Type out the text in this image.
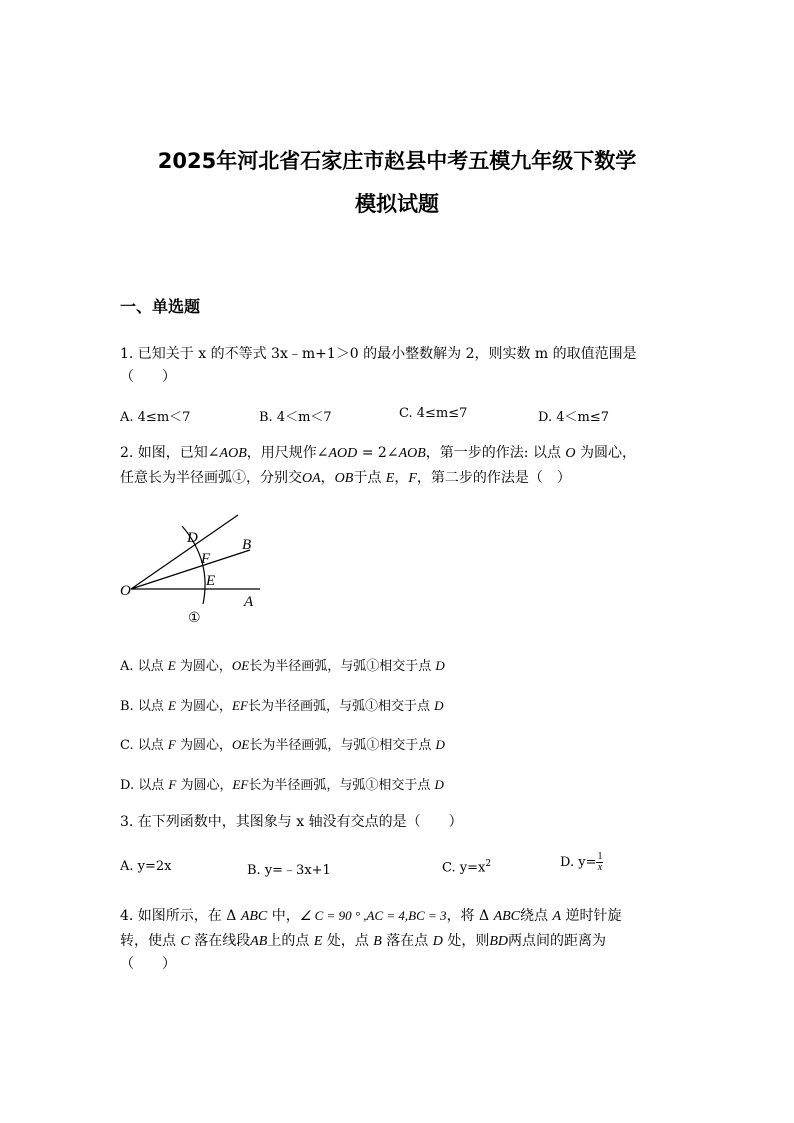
2025年河北省石家庄市赵县中考五模九年级下数学
模拟试题
一、单选题
1. 已知关于 x 的不等式 3x﹣m+1＞0 的最小整数解为 2，则实数 m 的取值范围是
（　　）
A. 4≤m＜7	B. 4＜m＜7	C. 4≤m≤7	D. 4＜m≤7
2. 如图，已知∠AOB，用尺规作∠AOD = 2∠AOB，第一步的作法: 以点 O 为圆心，
任意长为半径画弧①，分别交OA，OB于点 E，F，第二步的作法是（　）
O
A
B
D
F
E
①
A. 以点 E 为圆心，OE长为半径画弧，与弧①相交于点 D
B. 以点 E 为圆心，EF长为半径画弧，与弧①相交于点 D
C. 以点 F 为圆心，OE长为半径画弧，与弧①相交于点 D
D. 以点 F 为圆心，EF长为半径画弧，与弧①相交于点 D
3. 在下列函数中，其图象与 x 轴没有交点的是（　　）
A. y=2x	B. y=﹣3x+1	C. $y=x^2$	D. $y= \frac{1}{x}$
4. 如图所示，在 Δ ABC 中，∠ C = 90 ° ,AC = 4,BC = 3，将 Δ ABC绕点 A 逆时针旋
转，使点 C 落在线段AB上的点 E 处，点 B 落在点 D 处，则BD两点间的距离为
（　　）
